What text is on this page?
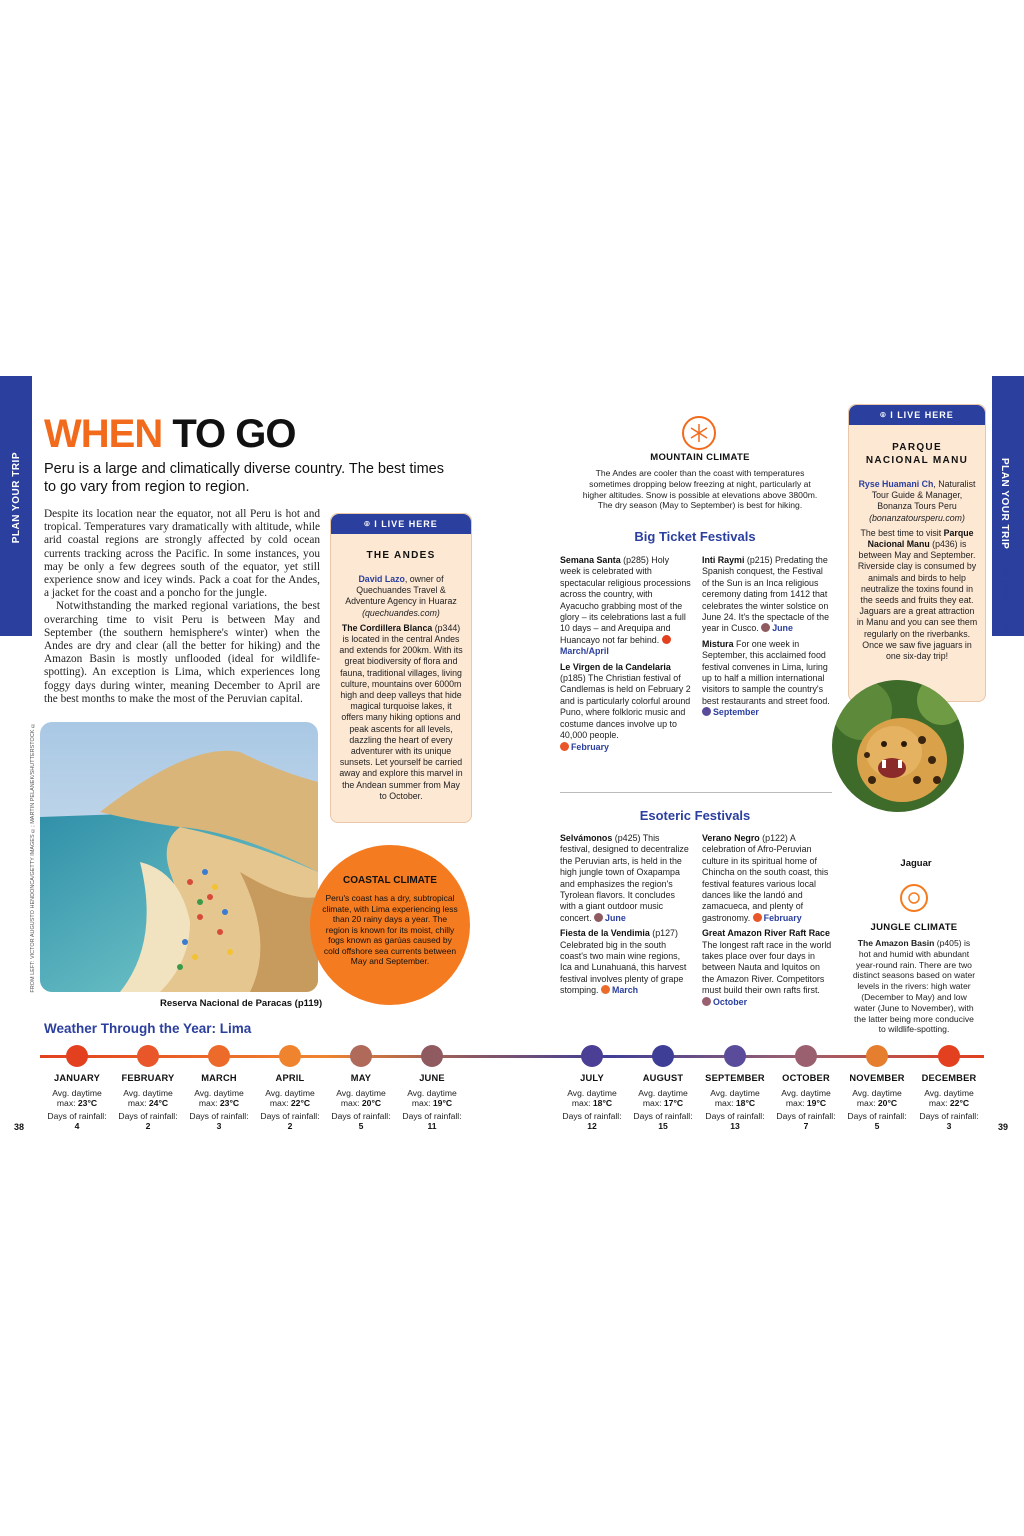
PLAN YOUR TRIP
WHEN TO GO
PLAN YOUR TRIP
WHEN TO GO
WHEN TO GO
Peru is a large and climatically diverse country. The best times to go vary from region to region.

Despite its location near the equator, not all Peru is hot and tropical. Temperatures vary dramatically with altitude, while arid coastal regions are strongly affected by cold ocean currents tracking across the Pacific. In some instances, you may be only a few degrees south of the equator, yet still experience snow and icey winds. Pack a coat for the Andes, a jacket for the coast and a poncho for the jungle.

Notwithstanding the marked regional variations, the best overarching time to visit Peru is between May and September (the southern hemisphere's winter) when the Andes are dry and clear (all the better for hiking) and the Amazon Basin is mostly unflooded (ideal for wildlife-spotting). An exception is Lima, which experiences long foggy days during winter, meaning December to April are the best months to make the most of the Peruvian capital.

FROM LEFT: VICTOR AUGUSTO HENDONCA/GETTY IMAGES ©; MARTIN PELANEK/SHUTTERSTOCK ©
Reserva Nacional de Paracas (p119)
⌾ I LIVE HERE
THE ANDES
David Lazo, owner of Quechuandes Travel & Adventure Agency in Huaraz
(quechuandes.com)

The Cordillera Blanca (p344) is located in the central Andes and extends for 200km. With its great biodiversity of flora and fauna, traditional villages, living culture, mountains over 6000m high and deep valleys that hide magical turquoise lakes, it offers many hiking options and peak ascents for all levels, dazzling the heart of every adventurer with its unique sunsets. Let yourself be carried away and explore this marvel in the Andean summer from May to October.
COASTAL CLIMATE
Peru's coast has a dry, subtropical climate, with Lima experiencing less than 20 rainy days a year. The region is known for its moist, chilly fogs known as garúas caused by cold offshore sea currents between May and September.
MOUNTAIN CLIMATE
The Andes are cooler than the coast with temperatures sometimes dropping below freezing at night, particularly at higher altitudes. Snow is possible at elevations above 3800m. The dry season (May to September) is best for hiking.
Big Ticket Festivals
Semana Santa (p285) Holy week is celebrated with spectacular religious processions across the country, with Ayacucho grabbing most of the glory – its celebrations last a full 10 days – and Arequipa and Huancayo not far behind. March/April
Le Virgen de la Candelaria (p185) The Christian festival of Candlemas is held on February 2 and is particularly colorful around Puno, where folkloric music and costume dances involve up to 40,000 people.
February
Inti Raymi (p215) Predating the Spanish conquest, the Festival of the Sun is an Inca religious ceremony dating from 1412 that celebrates the winter solstice on June 24. It's the spectacle of the year in Cusco. June
Mistura For one week in September, this acclaimed food festival convenes in Lima, luring up to half a million international visitors to sample the country's best restaurants and street food.
September
Esoteric Festivals
Selvámonos (p425) This festival, designed to decentralize the Peruvian arts, is held in the high jungle town of Oxapampa and emphasizes the region's Tyrolean flavors. It concludes with a giant outdoor music concert. June
Fiesta de la Vendimia (p127) Celebrated big in the south coast's two main wine regions, Ica and Lunahuaná, this harvest festival involves plenty of grape stomping. March
Verano Negro (p122) A celebration of Afro-Peruvian culture in its spiritual home of Chincha on the south coast, this festival features various local dances like the landó and zamacueca, and plenty of gastronomy. February
Great Amazon River Raft Race The longest raft race in the world takes place over four days in between Nauta and Iquitos on the Amazon River. Competitors must build their own rafts first. October
⌾ I LIVE HERE
PARQUE NACIONAL MANU
Ryse Huamani Ch, Naturalist Tour Guide & Manager, Bonanza Tours Peru
(bonanzatoursperu.com)

The best time to visit Parque Nacional Manu (p436) is between May and September. Riverside clay is consumed by animals and birds to help neutralize the toxins found in the seeds and fruits they eat. Jaguars are a great attraction in Manu and you can see them regularly on the riverbanks. Once we saw five jaguars in one six-day trip!
Jaguar
JUNGLE CLIMATE
The Amazon Basin (p405) is hot and humid with abundant year-round rain. There are two distinct seasons based on water levels in the rivers: high water (December to May) and low water (June to November), with the latter being more conducive to wildlife-spotting.
Weather Through the Year: Lima
JANUARY
Avg. daytime max: 23°C
Days of rainfall:
4
FEBRUARY
Avg. daytime max: 24°C
Days of rainfall:
2
MARCH
Avg. daytime max: 23°C
Days of rainfall:
3
APRIL
Avg. daytime max: 22°C
Days of rainfall:
2
MAY
Avg. daytime max: 20°C
Days of rainfall:
5
JUNE
Avg. daytime max: 19°C
Days of rainfall:
11
JULY
Avg. daytime max: 18°C
Days of rainfall:
12
AUGUST
Avg. daytime max: 17°C
Days of rainfall:
15
SEPTEMBER
Avg. daytime max: 18°C
Days of rainfall:
13
OCTOBER
Avg. daytime max: 19°C
Days of rainfall:
7
NOVEMBER
Avg. daytime max: 20°C
Days of rainfall:
5
DECEMBER
Avg. daytime max: 22°C
Days of rainfall:
3
38	39
